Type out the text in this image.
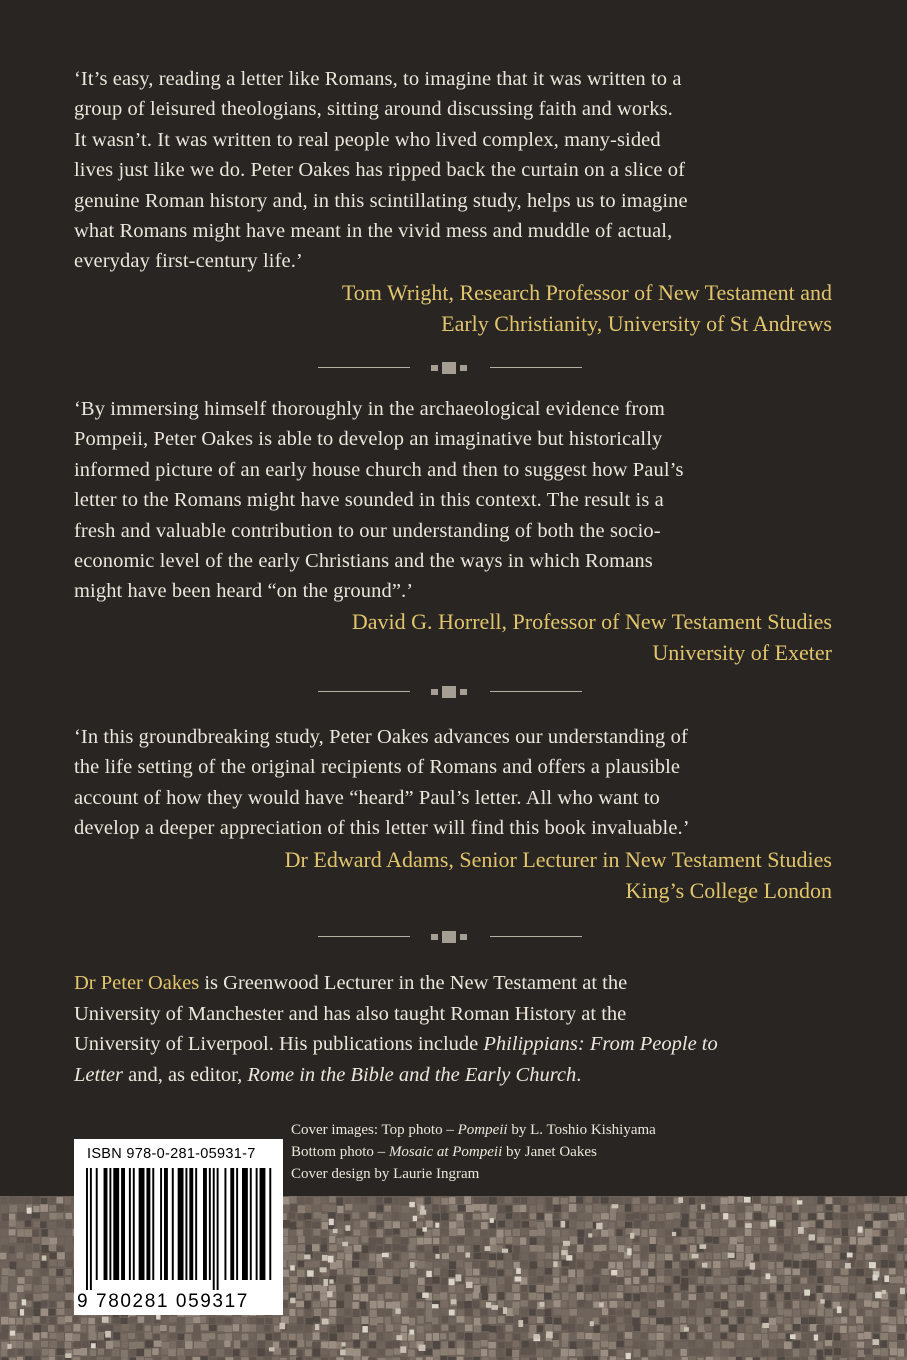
‘It’s easy, reading a letter like Romans, to imagine that it was written to a
group of leisured theologians, sitting around discussing faith and works.
It wasn’t. It was written to real people who lived complex, many-sided
lives just like we do. Peter Oakes has ripped back the curtain on a slice of
genuine Roman history and, in this scintillating study, helps us to imagine
what Romans might have meant in the vivid mess and muddle of actual,
everyday first-century life.’
Tom Wright, Research Professor of New Testament and
Early Christianity, University of St Andrews
‘By immersing himself thoroughly in the archaeological evidence from
Pompeii, Peter Oakes is able to develop an imaginative but historically
informed picture of an early house church and then to suggest how Paul’s
letter to the Romans might have sounded in this context. The result is a
fresh and valuable contribution to our understanding of both the socio-
economic level of the early Christians and the ways in which Romans
might have been heard “on the ground”.’
David G. Horrell, Professor of New Testament Studies
University of Exeter
‘In this groundbreaking study, Peter Oakes advances our understanding of
the life setting of the original recipients of Romans and offers a plausible
account of how they would have “heard” Paul’s letter. All who want to
develop a deeper appreciation of this letter will find this book invaluable.’
Dr Edward Adams, Senior Lecturer in New Testament Studies
King’s College London
Dr Peter Oakes is Greenwood Lecturer in the New Testament at the
University of Manchester and has also taught Roman History at the
University of Liverpool. His publications include Philippians: From People to
Letter and, as editor, Rome in the Bible and the Early Church.
Cover images: Top photo – Pompeii by L. Toshio Kishiyama
Bottom photo – Mosaic at Pompeii by Janet Oakes
Cover design by Laurie Ingram
ISBN 978-0-281-05931-7
9 780281 059317
